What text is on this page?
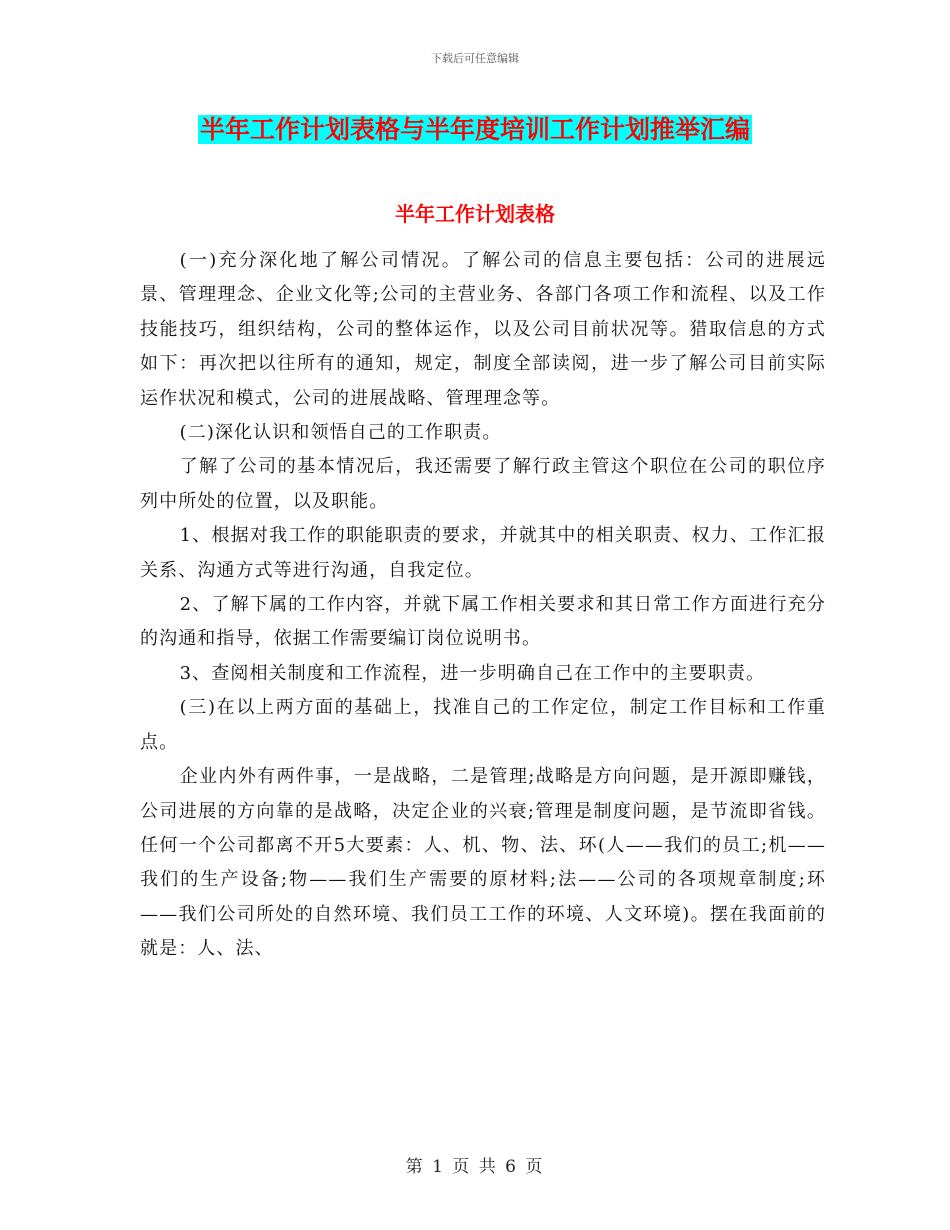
下载后可任意编辑
半年工作计划表格与半年度培训工作计划推举汇编
半年工作计划表格

(一)充分深化地了解公司情况。了解公司的信息主要包括：公司的进展远景、管理理念、企业文化等;公司的主营业务、各部门各项工作和流程、以及工作技能技巧，组织结构，公司的整体运作，以及公司目前状况等。猎取信息的方式如下：再次把以往所有的通知，规定，制度全部读阅，进一步了解公司目前实际运作状况和模式，公司的进展战略、管理理念等。

(二)深化认识和领悟自己的工作职责。

了解了公司的基本情况后，我还需要了解行政主管这个职位在公司的职位序列中所处的位置，以及职能。

1、根据对我工作的职能职责的要求，并就其中的相关职责、权力、工作汇报关系、沟通方式等进行沟通，自我定位。

2、了解下属的工作内容，并就下属工作相关要求和其日常工作方面进行充分的沟通和指导，依据工作需要编订岗位说明书。

3、查阅相关制度和工作流程，进一步明确自己在工作中的主要职责。

(三)在以上两方面的基础上，找准自己的工作定位，制定工作目标和工作重点。

企业内外有两件事，一是战略，二是管理;战略是方向问题，是开源即赚钱，公司进展的方向靠的是战略，决定企业的兴衰;管理是制度问题，是节流即省钱。任何一个公司都离不开5大要素：人、机、物、法、环(人——我们的员工;机——我们的生产设备;物——我们生产需要的原材料;法——公司的各项规章制度;环——我们公司所处的自然环境、我们员工工作的环境、人文环境)。摆在我面前的就是：人、法、

第 1 页 共 6 页
